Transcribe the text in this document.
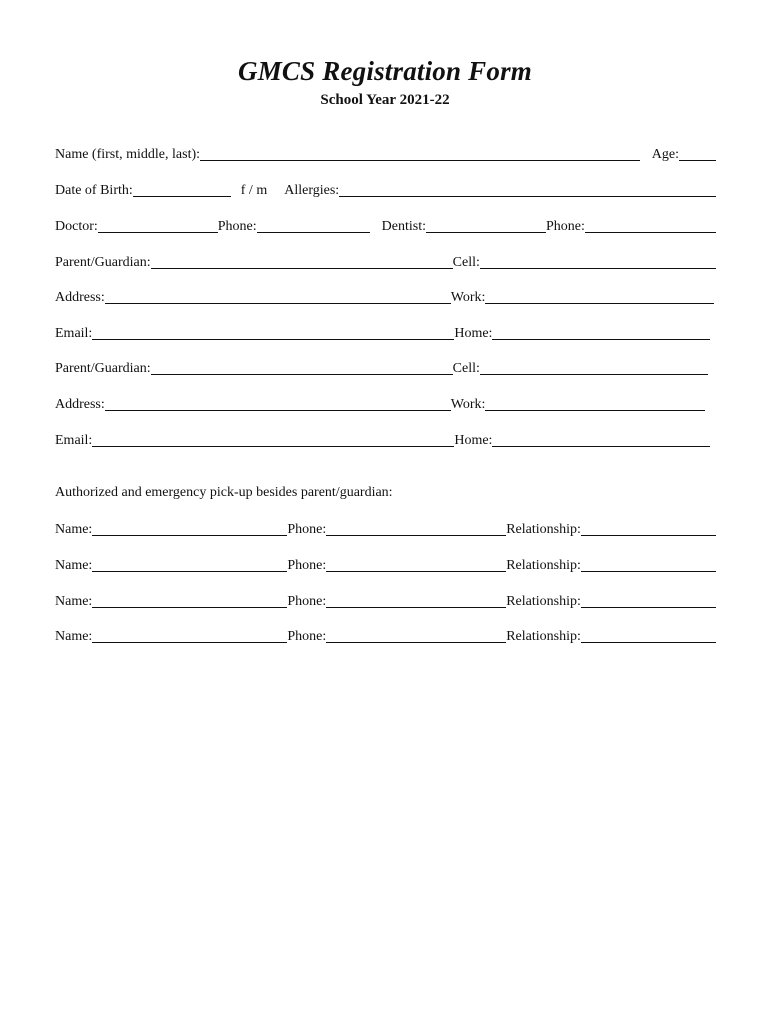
GMCS Registration Form
School Year 2021-22
Name (first, middle, last):	Age:
Date of Birth:	f / m Allergies:
Doctor:	Phone:	Dentist:	Phone:
Parent/Guardian:	Cell:
Address:	Work:
Email:	Home:
Parent/Guardian:	Cell:
Address:	Work:
Email:	Home:
Authorized and emergency pick-up besides parent/guardian:
Name:	Phone:	Relationship:
Name:	Phone:	Relationship:
Name:	Phone:	Relationship:
Name:	Phone:	Relationship:
